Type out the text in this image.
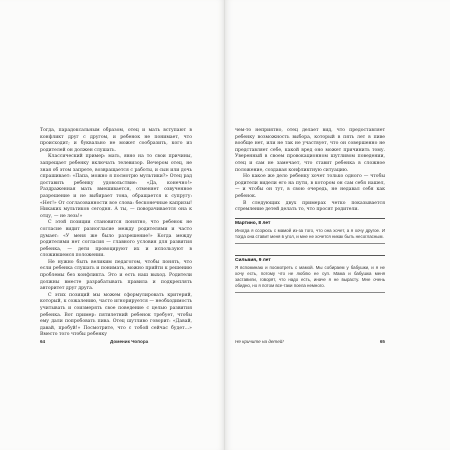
Тогда, парадоксальным образом, отец и мать вступают в конфликт друг с другом, и ребенок не понимает, что происходит; и буквально не может сообразить, кого из родителей он должен слушать.

Классический пример: мать, явно на то свои причины, запрещает ребенку включать телевизор. Вечером отец, не зная об этом запрете, возвращается с работы, и сын или дочь спрашивает: «Папа, можно я посмотрю мультики?» Отец рад доставить ребенку удовольствие: «Да, конечно!» Раздраженная мать вмешивается, отменяет озвученное разрешение и не выбирает тона, обращается к супругу: «Нет!» От согласованности все слова: бесконечные капризы! Никаких мультиков сегодня. А ты, — поворачивается она к отцу, — не лезь!»

С этой позиции становится понятно, что ребенок не согласие видит разногласие между родителями и часто думает: «У меня же было разрешение!» Когда между родителями нет согласия — главного условия для развития ребенка, — дети провоцируют их и используют в сложившемся положении.

Не нужно быть великим педагогом, чтобы понять, что если ребенка слушать и понимать, можно прийти к решению проблемы без конфликта. Это и есть наш выход. Родители должны вместе разрабатывать правила и подкреплять авторитет друг друга.

С этих позиций мы можем сформулировать критерий, который, к сожалению, часто игнорируется — необходимость учитывать и соизмерять свое поведение с целью развития ребенка. Вот пример: пятилетний ребенок требует, чтобы ему дали попробовать пива. Отец шутливо говорит: «Давай, давай, пробуй!» Посмотрите, что с тобой сейчас будет…» Вместо того чтобы ребенку

64	Доменик Чопора

чем-то неприятно, отец делает вид, что предоставляет ребенку возможность выбора, который в пять лет в пиве вообще нет, или не так не участвует, что он совершенно не представляет себе, какой вред оно может причинить тому. Уверенный в своем провокационном шутливом поведении, отец и сам не замечает, что ставит ребенка в сложное положение, создавая конфликтную ситуацию.

Но какое же дело ребенку хочет только одного — чтобы родители видели его на пути, в котором он сам себя нашел, — и чтобы он тут, в свою очередь, не недавал себя как ребенок.

В следующих двух примерах четко показывается стремление детей делать то, что просят родители.

Мартино, 8 лет
Иногда я ссорюсь с мамой из-за того, что она хочет, а я хочу другое. И тогда она ставит меня в угол, и мне не хочется никак быть несогласным.
Сильвия, 9 лет
Я вспоминаю и посмотреть с мамой. Мы собираем у бабушки, и я не хочу есть, потому что не люблю ее суп. Мама и бабушка меня заставили, говорят, что надо есть, иначе я не вырасту. Мне очень обидно, но я потом все-таки поела немного.
Не кричите на детей!	65
